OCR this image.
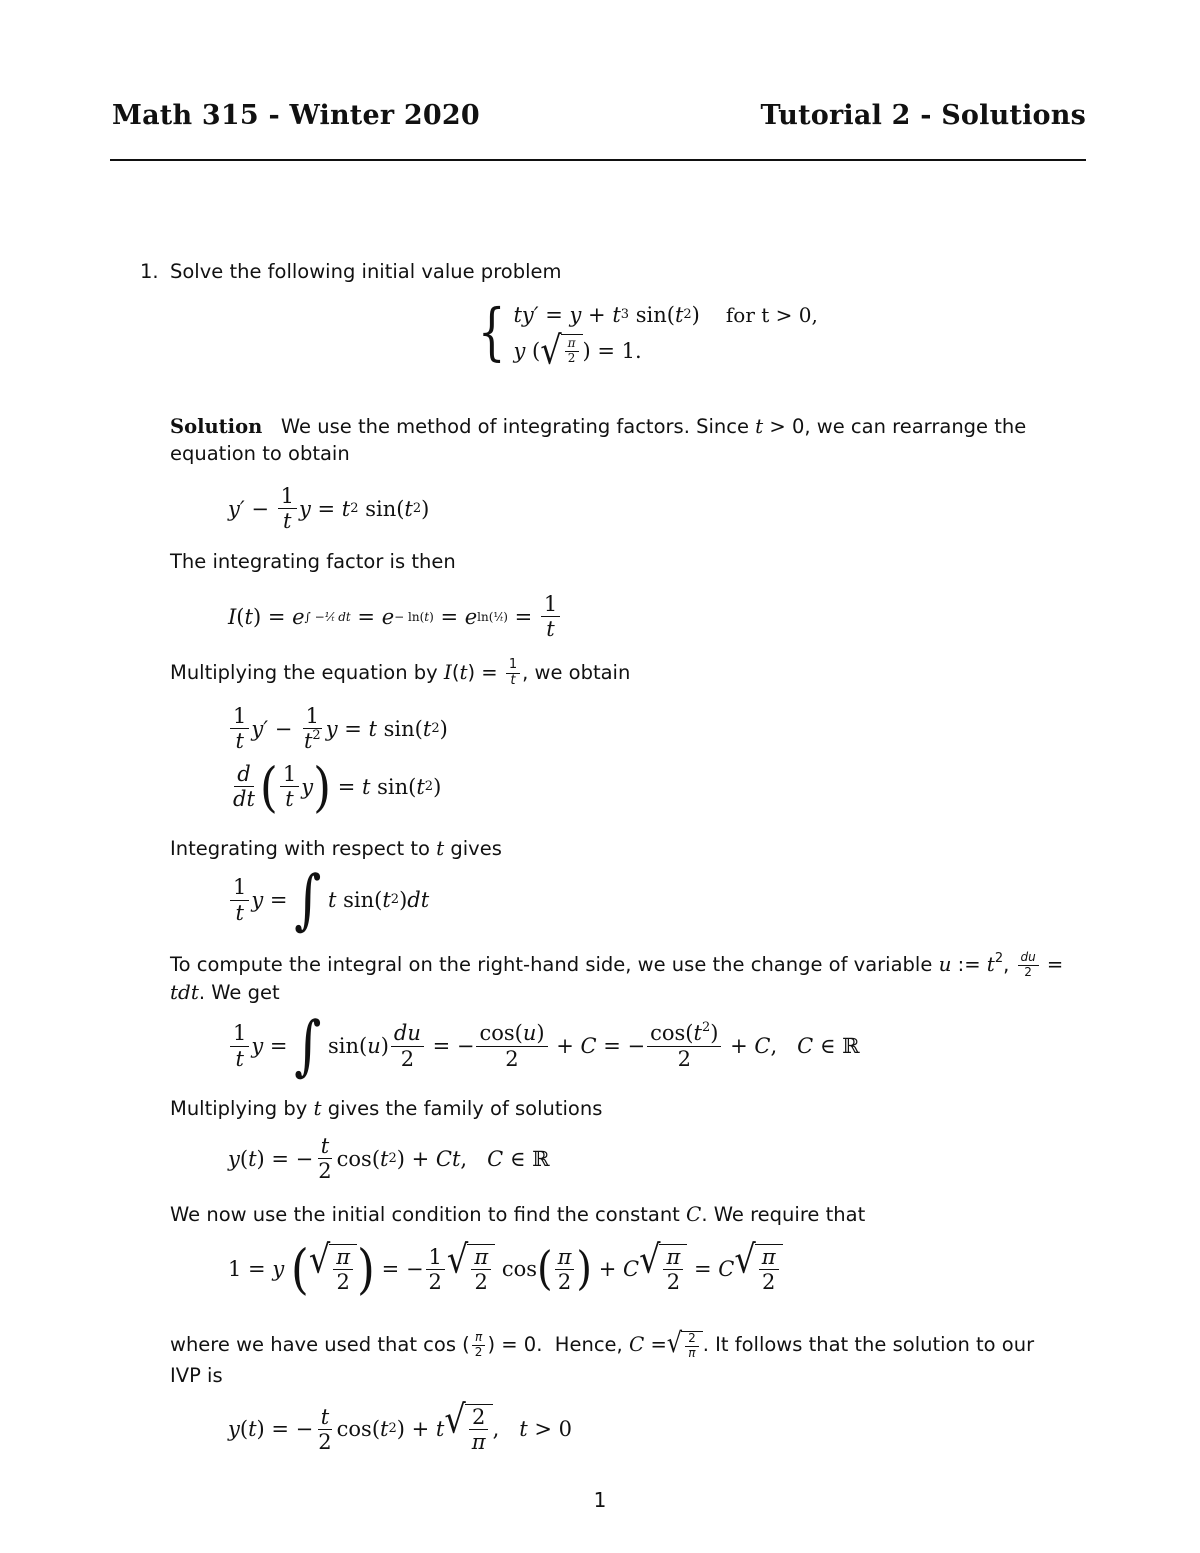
Math 315 - Winter 2020	Tutorial 2 - Solutions
1. Solve the following initial value problem
{ ty′ = y + t 3 sin( t 2 ) for t > 0,
y ( √ $\frac{\pi}{2}$ ) = 1.
Solution We use the method of integrating factors. Since t > 0, we can rearrange the
equation to obtain
$y' - \frac{1}{t}$ y = t 2 sin( t 2 )
The integrating factor is then
I ( t ) = e ∫ −¹⁄ₜ dt = e − ln(t) = e ln(¹⁄ₜ) = $\frac{1}{t}$
Multiplying the equation by $I(t) = \frac{1}{t}$ , we obtain
$\frac{1}{t} y' - \frac{1}{t^2}$ y = t sin( t 2 )
$\frac{d}{dt}$ ( $\frac{1}{t}$ y ) = t sin( t 2 )
Integrating with respect to t gives
$\frac{1}{t}$ y = ∫
t sin( t 2 ) dt
To compute the integral on the right-hand side, we use the change of variable u := $t^2$, $\frac{du}{2}$ =
tdt. We get
$\frac{1}{t}$ y = ∫ sin( u ) $\frac{du}{2}$ = − $\frac{\cos(u)}{2} + C$ = − $\frac{\cos(t^2)}{2} + C$ , C ∈ ℝ
Multiplying by t gives the family of solutions
y ( t ) = − $\frac{t}{2} \cos$( t 2 ) + Ct , C ∈ ℝ
We now use the initial condition to find the constant C. We require that
1 = y
( √ $\frac{\pi}{2}$ ) = − $\frac{1}{2}$ √ $\frac{\pi}{2}$ cos ( $\frac{\pi}{2}$ ) + C √ $\frac{\pi}{2} = C$ √ $\frac{\pi}{2}$
where we have used that cos ( $\frac{\pi}{2}$ ) = 0.  Hence, C = √ $\frac{2}{\pi}$ . It follows that the solution to our
IVP is
y ( t ) = − $\frac{t}{2} \cos$( t 2 ) + t √ $\frac{2}{\pi}$ , t > 0
1
